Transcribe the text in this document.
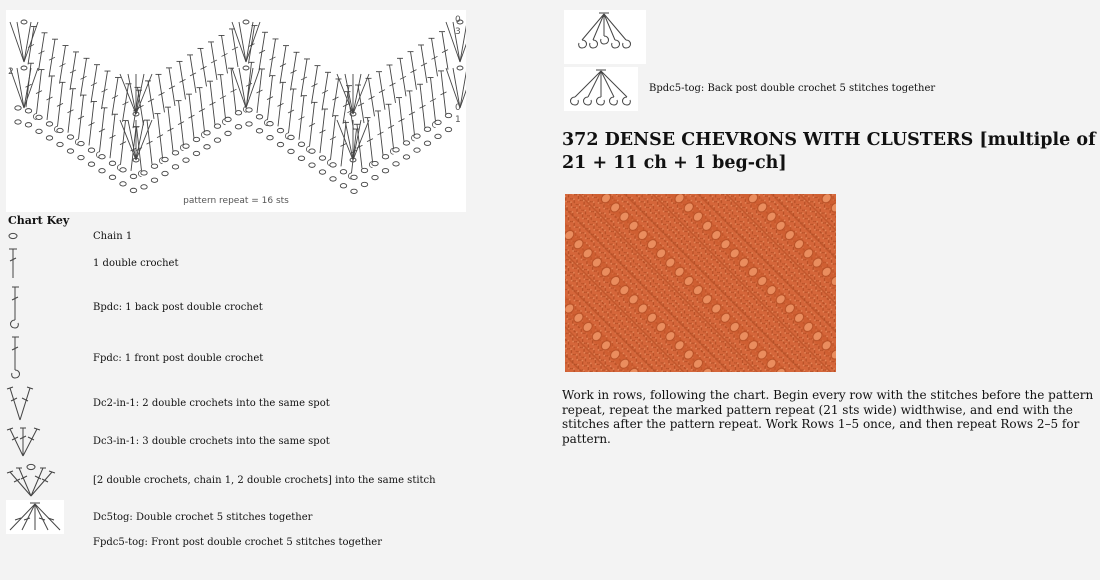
2
0
3
0
1
pattern repeat = 16 sts
Chart Key
Chain 1
1 double crochet
Bpdc: 1 back post double crochet
Fpdc: 1 front post double crochet
Dc2-in-1: 2 double crochets into the same spot
Dc3-in-1: 3 double crochets into the same spot
[2 double crochets, chain 1, 2 double crochets] into the same stitch
Dc5tog: Double crochet 5 stitches together
Fpdc5-tog: Front post double crochet 5 stitches together
Bpdc5-tog: Back post double crochet 5 stitches together
372 DENSE CHEVRONS WITH CLUSTERS [multiple of 21 + 11 ch + 1 beg-ch]

Work in rows, following the chart. Begin every row with the stitches before the pattern repeat, repeat the marked pattern repeat (21 sts wide) widthwise, and end with the stitches after the pattern repeat. Work Rows 1–5 once, and then repeat Rows 2–5 for pattern.
